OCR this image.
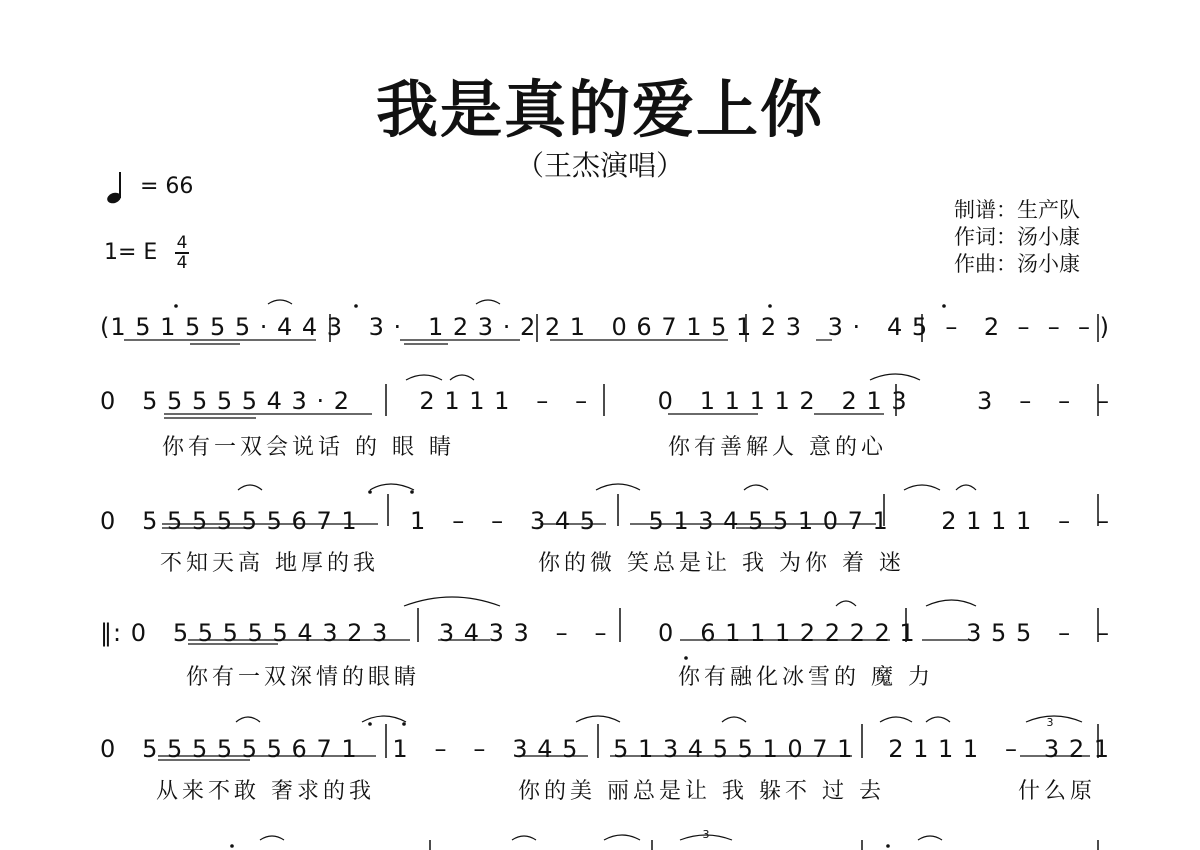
我是真的爱上你
（王杰演唱）
= 66
1= E 4
4
制谱：生产队
作词：汤小康
作曲：汤小康
(1 5 1 5 5 5 · 4 4 3 3 ·   1 2 3 · 2 2 1 0 6 7 1 5 1 2 3 3 ·   4 5  – 2  –  –  – )
0   5 5 5 5 5 4 3 · 2	2 1 1 1   –   –	0   1 1 1 1 2   2 1 3	3   –   –   –
你有一双会说话 的 眼 睛	你有善解人 意的心
0   5 5 5 5 5 5 6 7 1 1   –   –   3 4 5 5 1 3 4 5 5 1 0 7 1 2 1 1 1   –   –
不知天高 地厚的我	你的微 笑总是让 我 为你 着 迷
‖: 0   5 5 5 5 5 4 3 2 3 3 4 3 3   –   – 0   6 1 1 1 2 2 2 2 1 3 5 5   –   –
你有一双深情的眼睛	你有融化冰雪的 魔 力
3
0   5 5 5 5 5 5 6 7 1 1   –   –   3 4 5 5 1 3 4 5 5 1 0 7 1 2 1 1 1   –   3 2 1
从来不敢 奢求的我	你的美 丽总是让 我 躲不 过 去	什么原
3
